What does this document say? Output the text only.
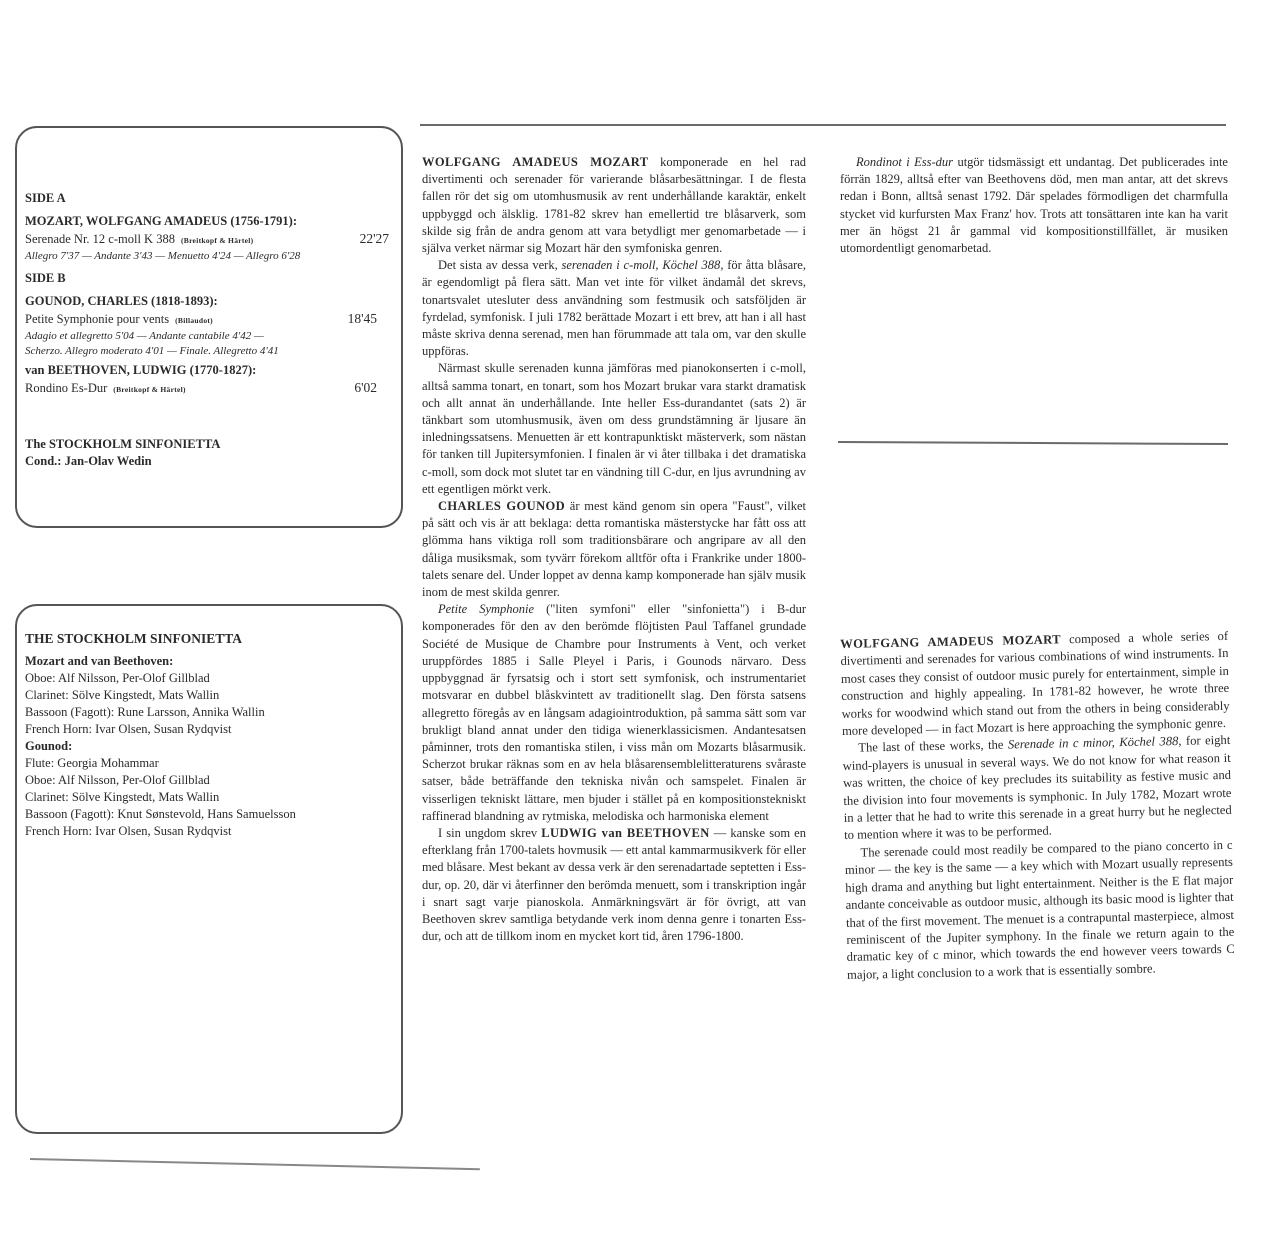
SIDE A
MOZART, WOLFGANG AMADEUS (1756-1791):
Serenade Nr. 12 c-moll K 388 (Breitkopf & Härtel)	22'27
Allegro 7'37 — Andante 3'43 — Menuetto 4'24 — Allegro 6'28
SIDE B
GOUNOD, CHARLES (1818-1893):
Petite Symphonie pour vents (Billaudot)	18'45
Adagio et allegretto 5'04 — Andante cantabile 4'42 —
Scherzo. Allegro moderato 4'01 — Finale. Allegretto 4'41
van BEETHOVEN, LUDWIG (1770-1827):
Rondino Es-Dur (Breitkopf & Härtel)	6'02
The STOCKHOLM SINFONIETTA
Cond.: Jan-Olav Wedin
THE STOCKHOLM SINFONIETTA
Mozart and van Beethoven:
Oboe: Alf Nilsson, Per-Olof Gillblad
Clarinet: Sölve Kingstedt, Mats Wallin
Bassoon (Fagott): Rune Larsson, Annika Wallin
French Horn: Ivar Olsen, Susan Rydqvist
Gounod:
Flute: Georgia Mohammar
Oboe: Alf Nilsson, Per-Olof Gillblad
Clarinet: Sölve Kingstedt, Mats Wallin
Bassoon (Fagott): Knut Sønstevold, Hans Samuelsson
French Horn: Ivar Olsen, Susan Rydqvist

WOLFGANG AMADEUS MOZART komponerade en hel rad divertimenti och serenader för varierande blåsarbesättningar. I de flesta fallen rör det sig om utomhusmusik av rent underhållande karaktär, enkelt uppbyggd och älsklig. 1781-82 skrev han emellertid tre blåsarverk, som skilde sig från de andra genom att vara betydligt mer genomarbetade — i själva verket närmar sig Mozart här den symfoniska genren.

Det sista av dessa verk, serenaden i c-moll, Köchel 388, för åtta blåsare, är egendomligt på flera sätt. Man vet inte för vilket ändamål det skrevs, tonartsvalet utesluter dess användning som festmusik och satsföljden är fyrdelad, symfonisk. I juli 1782 berättade Mozart i ett brev, att han i all hast måste skriva denna serenad, men han förummade att tala om, var den skulle uppföras.

Närmast skulle serenaden kunna jämföras med pianokonserten i c-moll, alltså samma tonart, en tonart, som hos Mozart brukar vara starkt dramatisk och allt annat än underhållande. Inte heller Ess-durandantet (sats 2) är tänkbart som utomhusmusik, även om dess grundstämning är ljusare än inledningssatsens. Menuetten är ett kontrapunktiskt mästerverk, som nästan för tanken till Jupitersymfonien. I finalen är vi åter tillbaka i det dramatiska c-moll, som dock mot slutet tar en vändning till C-dur, en ljus avrundning av ett egentligen mörkt verk.

CHARLES GOUNOD är mest känd genom sin opera "Faust", vilket på sätt och vis är att beklaga: detta romantiska mästerstycke har fått oss att glömma hans viktiga roll som traditionsbärare och angripare av all den dåliga musiksmak, som tyvärr förekom alltför ofta i Frankrike under 1800-talets senare del. Under loppet av denna kamp komponerade han själv musik inom de mest skilda genrer.

Petite Symphonie ("liten symfoni" eller "sinfonietta") i B-dur komponerades för den av den berömde flöjtisten Paul Taffanel grundade Société de Musique de Chambre pour Instruments à Vent, och verket uruppfördes 1885 i Salle Pleyel i Paris, i Gounods närvaro. Dess uppbyggnad är fyrsatsig och i stort sett symfonisk, och instrumentariet motsvarar en dubbel blåskvintett av traditionellt slag. Den första satsens allegretto föregås av en långsam adagiointroduktion, på samma sätt som var brukligt bland annat under den tidiga wienerklassicismen. Andantesatsen påminner, trots den romantiska stilen, i viss mån om Mozarts blåsarmusik. Scherzot brukar räknas som en av hela blåsarensemblelitteraturens svåraste satser, både beträffande den tekniska nivån och samspelet. Finalen är visserligen tekniskt lättare, men bjuder i stället på en kompositionstekniskt raffinerad blandning av rytmiska, melodiska och harmoniska element

I sin ungdom skrev LUDWIG van BEETHOVEN — kanske som en efterklang från 1700-talets hovmusik — ett antal kammarmusikverk för eller med blåsare. Mest bekant av dessa verk är den serenadartade septetten i Ess-dur, op. 20, där vi återfinner den berömda menuett, som i transkription ingår i snart sagt varje pianoskola. Anmärkningsvärt är för övrigt, att van Beethoven skrev samtliga betydande verk inom denna genre i tonarten Ess-dur, och att de tillkom inom en mycket kort tid, åren 1796-1800.

Rondinot i Ess-dur utgör tidsmässigt ett undantag. Det publicerades inte förrän 1829, alltså efter van Beethovens död, men man antar, att det skrevs redan i Bonn, alltså senast 1792. Där spelades förmodligen det charmfulla stycket vid kurfursten Max Franz' hov. Trots att tonsättaren inte kan ha varit mer än högst 21 år gammal vid kompositionstillfället, är musiken utomordentligt genomarbetad.

WOLFGANG AMADEUS MOZART composed a whole series of divertimenti and serenades for various combinations of wind instruments. In most cases they consist of outdoor music purely for entertainment, simple in construction and highly appealing. In 1781-82 however, he wrote three works for woodwind which stand out from the others in being considerably more developed — in fact Mozart is here approaching the symphonic genre.

The last of these works, the Serenade in c minor, Köchel 388, for eight wind-players is unusual in several ways. We do not know for what reason it was written, the choice of key precludes its suitability as festive music and the division into four movements is symphonic. In July 1782, Mozart wrote in a letter that he had to write this serenade in a great hurry but he neglected to mention where it was to be performed.

The serenade could most readily be compared to the piano concerto in c minor — the key is the same — a key which with Mozart usually represents high drama and anything but light entertainment. Neither is the E flat major andante conceivable as outdoor music, although its basic mood is lighter that that of the first movement. The menuet is a contrapuntal masterpiece, almost reminiscent of the Jupiter symphony. In the finale we return again to the dramatic key of c minor, which towards the end however veers towards C major, a light conclusion to a work that is essentially sombre.
